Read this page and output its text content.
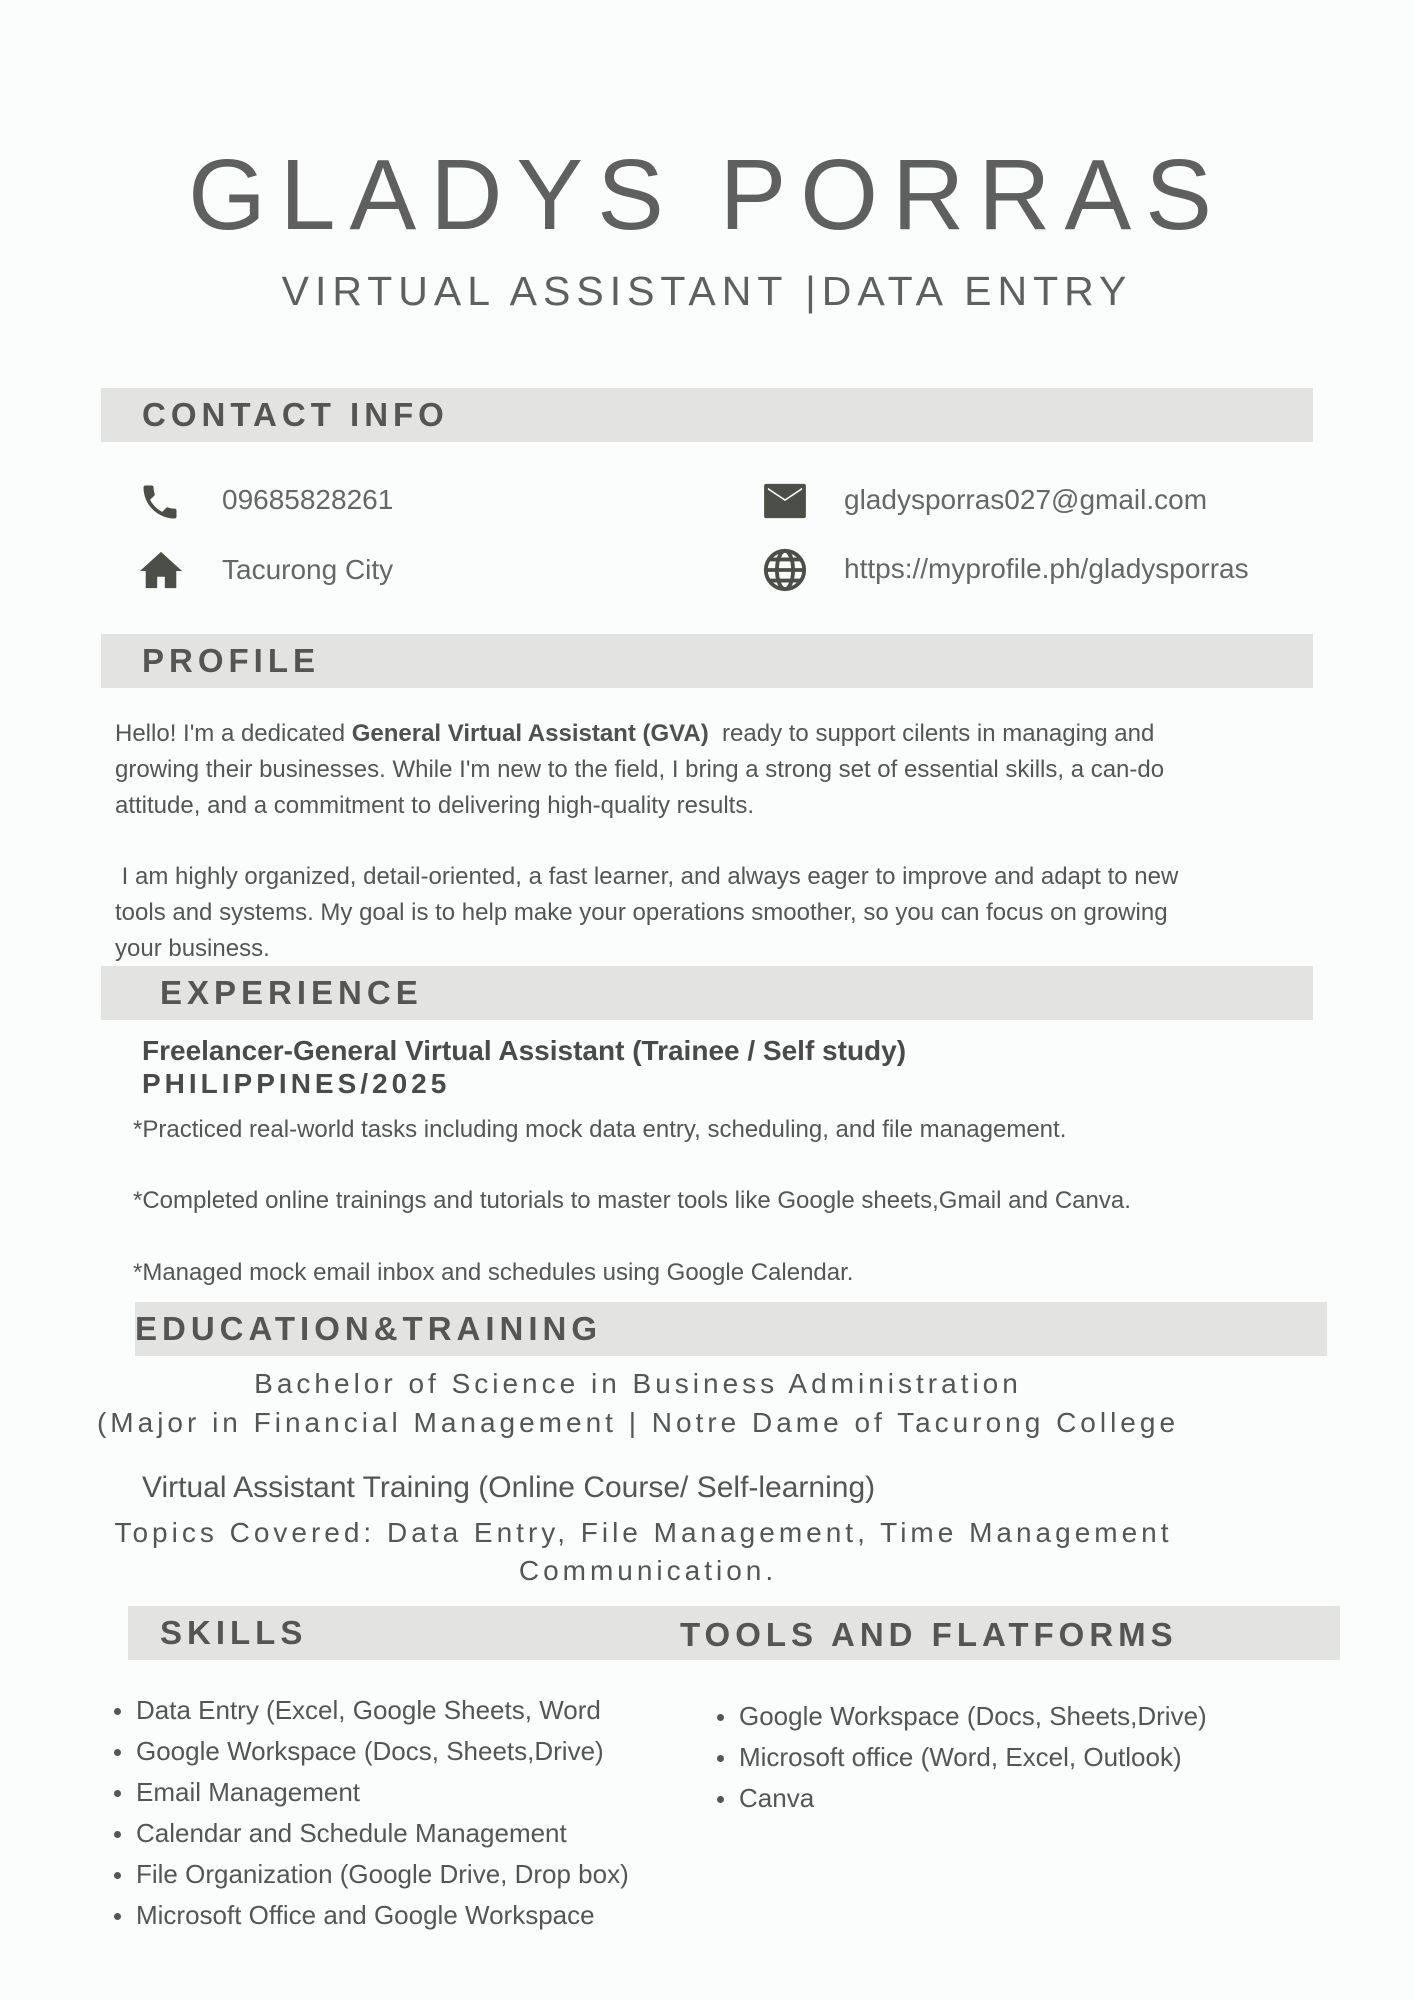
GLADYS PORRAS
VIRTUAL ASSISTANT |DATA ENTRY
CONTACT INFO
09685828261
Tacurong City
gladysporras027@gmail.com
https://myprofile.ph/gladysporras
PROFILE
Hello! I'm a dedicated General Virtual Assistant (GVA)  ready to support cilents in managing and
growing their businesses. While I'm new to the field, I bring a strong set of essential skills, a can-do
attitude, and a commitment to delivering high-quality results.
I am highly organized, detail-oriented, a fast learner, and always eager to improve and adapt to new
tools and systems. My goal is to help make your operations smoother, so you can focus on growing
your business.
EXPERIENCE
Freelancer-General Virtual Assistant (Trainee / Self study)
PHILIPPINES/2025
*Practiced real-world tasks including mock data entry, scheduling, and file management.
*Completed online trainings and tutorials to master tools like Google sheets,Gmail and Canva.
*Managed mock email inbox and schedules using Google Calendar.
EDUCATION&TRAINING
Bachelor of Science in Business Administration
(Major in Financial Management | Notre Dame of Tacurong College
Virtual Assistant Training (Online Course/ Self-learning)
Topics Covered: Data Entry, File Management, Time Management
Communication.
SKILLS	TOOLS AND FLATFORMS
Data Entry (Excel, Google Sheets, Word
Google Workspace (Docs, Sheets,Drive)
Email Management
Calendar and Schedule Management
File Organization (Google Drive, Drop box)
Microsoft Office and Google Workspace
Google Workspace (Docs, Sheets,Drive)
Microsoft office (Word, Excel, Outlook)
Canva
